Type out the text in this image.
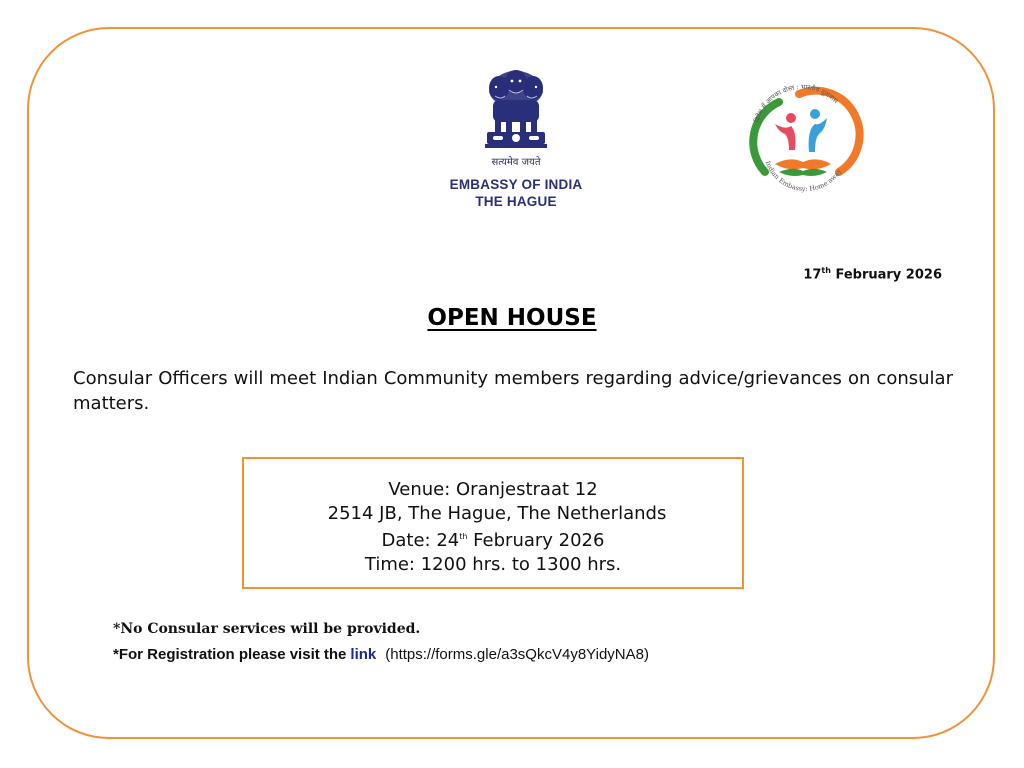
सत्यमेव जयते
EMBASSY OF INDIA
THE HAGUE
विदेश में आपका दोस्त : भारतीय दूतावास
Indian Embassy: Home away
17th February 2026
OPEN HOUSE
Consular Officers will meet Indian Community members regarding advice/grievances on consular matters.
Venue: Oranjestraat 12
2514 JB, The Hague, The Netherlands
Date: 24th February 2026
Time: 1200 hrs. to 1300 hrs.
*No Consular services will be provided.
*For Registration please visit the link (https://forms.gle/a3sQkcV4y8YidyNA8)
